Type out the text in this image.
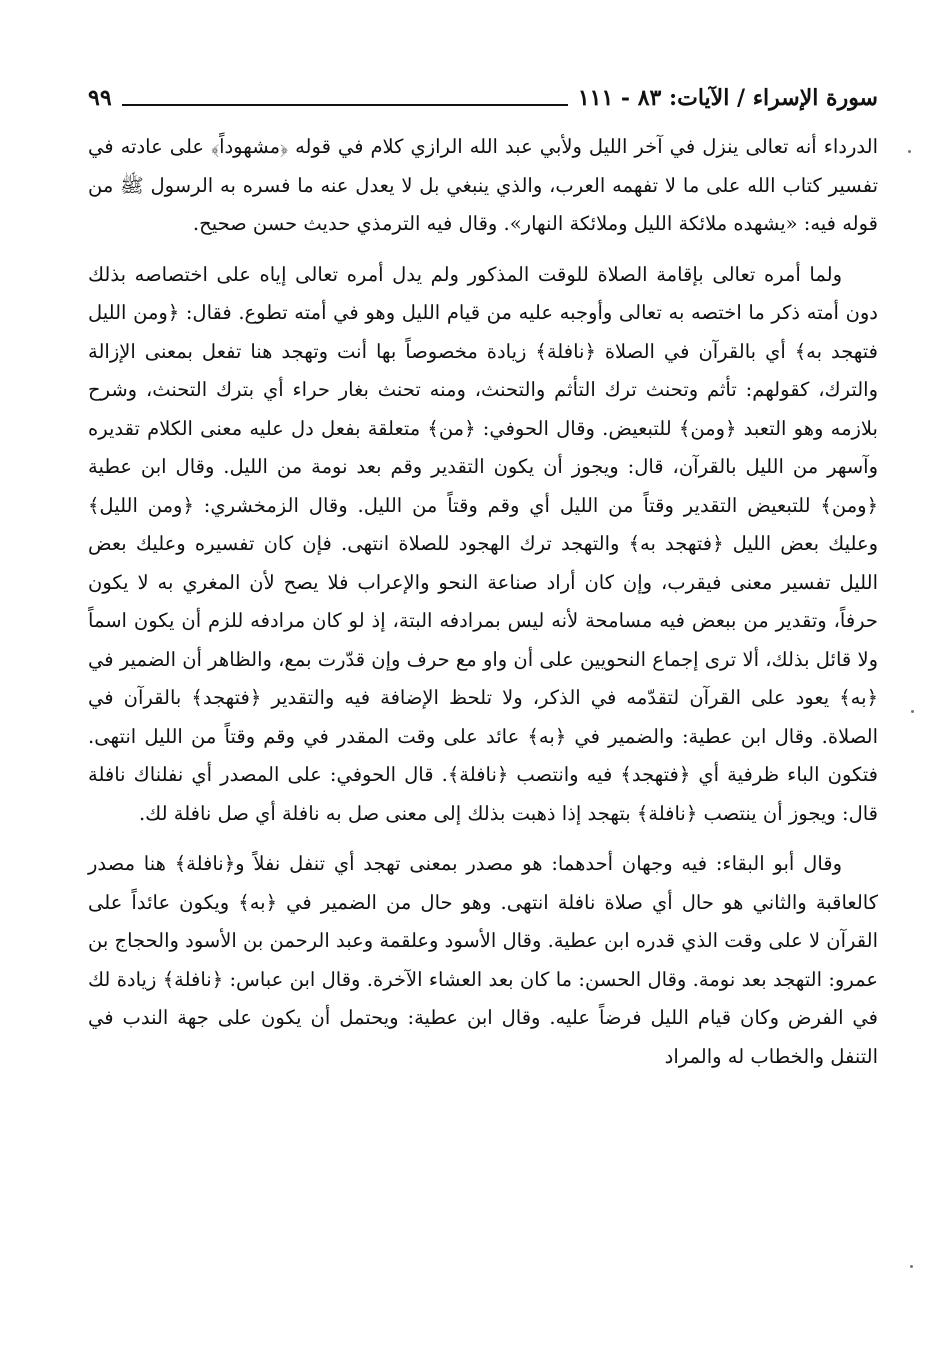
سورة الإسراء / الآيات: ٨٣ - ١١١
٩٩

الدرداء أنه تعالى ينزل في آخر الليل ولأبي عبد الله الرازي كلام في قوله ﴿مشهوداً﴾ على عادته في تفسير كتاب الله على ما لا تفهمه العرب، والذي ينبغي بل لا يعدل عنه ما فسره به الرسول ﷺ من قوله فيه: «يشهده ملائكة الليل وملائكة النهار». وقال فيه الترمذي حديث حسن صحيح.

ولما أمره تعالى بإقامة الصلاة للوقت المذكور ولم يدل أمره تعالى إياه على اختصاصه بذلك دون أمته ذكر ما اختصه به تعالى وأوجبه عليه من قيام الليل وهو في أمته تطوع. فقال: ﴿ومن الليل فتهجد به﴾ أي بالقرآن في الصلاة ﴿نافلة﴾ زيادة مخصوصاً بها أنت وتهجد هنا تفعل بمعنى الإزالة والترك، كقولهم: تأثم وتحنث ترك التأثم والتحنث، ومنه تحنث بغار حراء أي بترك التحنث، وشرح بلازمه وهو التعبد ﴿ومن﴾ للتبعيض. وقال الحوفي: ﴿من﴾ متعلقة بفعل دل عليه معنى الكلام تقديره وآسهر من الليل بالقرآن، قال: ويجوز أن يكون التقدير وقم بعد نومة من الليل. وقال ابن عطية ﴿ومن﴾ للتبعيض التقدير وقتاً من الليل أي وقم وقتاً من الليل. وقال الزمخشري: ﴿ومن الليل﴾ وعليك بعض الليل ﴿فتهجد به﴾ والتهجد ترك الهجود للصلاة انتهى. فإن كان تفسيره وعليك بعض الليل تفسير معنى فيقرب، وإن كان أراد صناعة النحو والإعراب فلا يصح لأن المغري به لا يكون حرفاً، وتقدير من ببعض فيه مسامحة لأنه ليس بمرادفه البتة، إذ لو كان مرادفه للزم أن يكون اسماً ولا قائل بذلك، ألا ترى إجماع النحويين على أن واو مع حرف وإن قدّرت بمع، والظاهر أن الضمير في ﴿به﴾ يعود على القرآن لتقدّمه في الذكر، ولا تلحظ الإضافة فيه والتقدير ﴿فتهجد﴾ بالقرآن في الصلاة. وقال ابن عطية: والضمير في ﴿به﴾ عائد على وقت المقدر في وقم وقتاً من الليل انتهى. فتكون الباء ظرفية أي ﴿فتهجد﴾ فيه وانتصب ﴿نافلة﴾. قال الحوفي: على المصدر أي نفلناك نافلة قال: ويجوز أن ينتصب ﴿نافلة﴾ بتهجد إذا ذهبت بذلك إلى معنى صل به نافلة أي صل نافلة لك.

وقال أبو البقاء: فيه وجهان أحدهما: هو مصدر بمعنى تهجد أي تنفل نفلاً و﴿نافلة﴾ هنا مصدر كالعاقبة والثاني هو حال أي صلاة نافلة انتهى. وهو حال من الضمير في ﴿به﴾ ويكون عائداً على القرآن لا على وقت الذي قدره ابن عطية. وقال الأسود وعلقمة وعبد الرحمن بن الأسود والحجاج بن عمرو: التهجد بعد نومة. وقال الحسن: ما كان بعد العشاء الآخرة. وقال ابن عباس: ﴿نافلة﴾ زيادة لك في الفرض وكان قيام الليل فرضاً عليه. وقال ابن عطية: ويحتمل أن يكون على جهة الندب في التنفل والخطاب له والمراد
